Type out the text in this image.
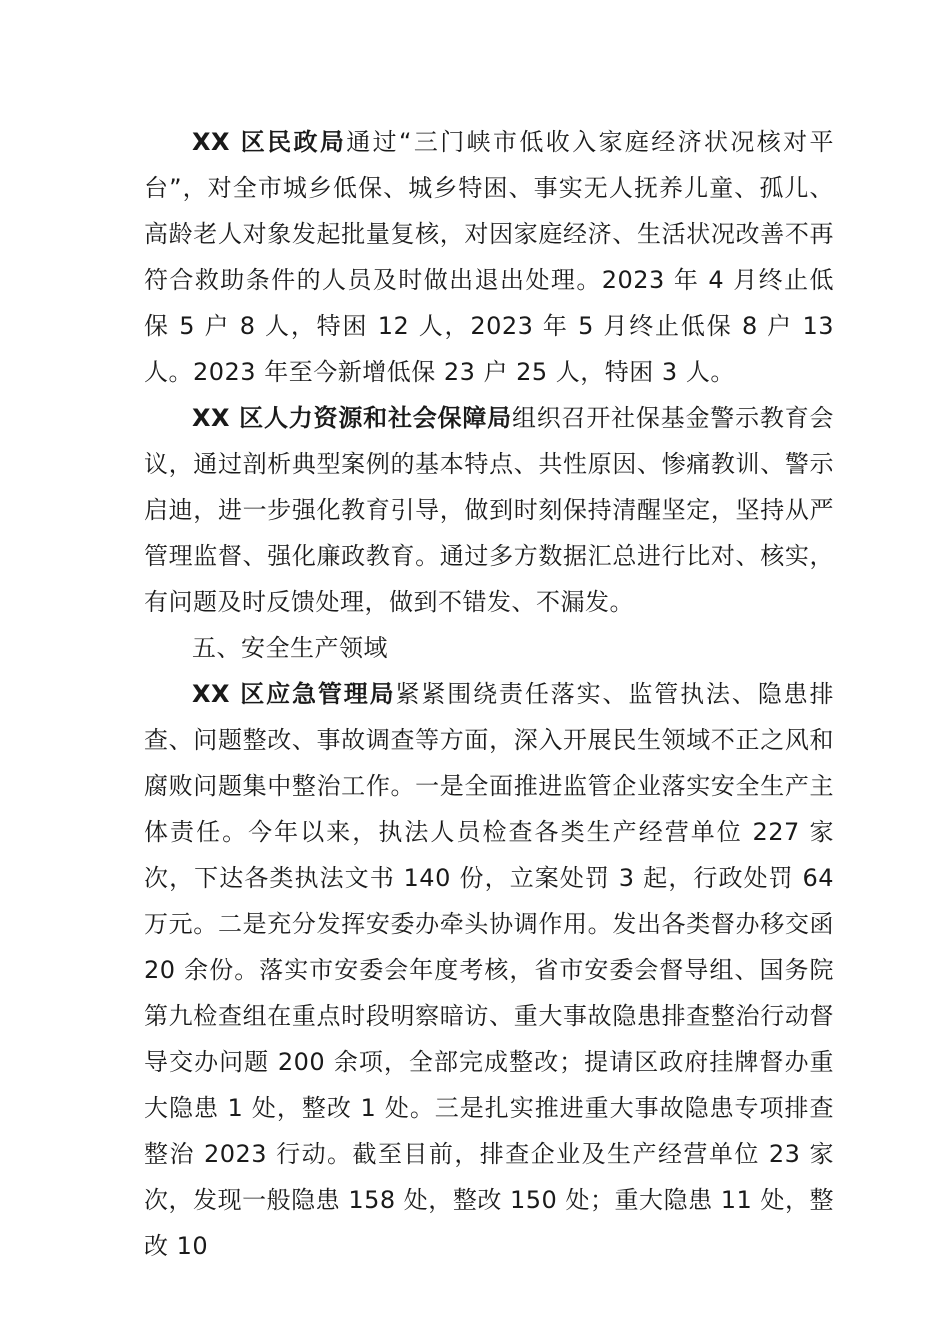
XX 区民政局通过“三门峡市低收入家庭经济状况核对平台”，对全市城乡低保、城乡特困、事实无人抚养儿童、孤儿、高龄老人对象发起批量复核，对因家庭经济、生活状况改善不再符合救助条件的人员及时做出退出处理。2023 年 4 月终止低保 5 户 8 人，特困 12 人，2023 年 5 月终止低保 8 户 13 人。2023 年至今新增低保 23 户 25 人，特困 3 人。

XX 区人力资源和社会保障局组织召开社保基金警示教育会议，通过剖析典型案例的基本特点、共性原因、惨痛教训、警示启迪，进一步强化教育引导，做到时刻保持清醒坚定，坚持从严管理监督、强化廉政教育。通过多方数据汇总进行比对、核实，有问题及时反馈处理，做到不错发、不漏发。

五、安全生产领域

XX 区应急管理局紧紧围绕责任落实、监管执法、隐患排查、问题整改、事故调查等方面，深入开展民生领域不正之风和腐败问题集中整治工作。一是全面推进监管企业落实安全生产主体责任。今年以来，执法人员检查各类生产经营单位 227 家次，下达各类执法文书 140 份，立案处罚 3 起，行政处罚 64 万元。二是充分发挥安委办牵头协调作用。发出各类督办移交函 20 余份。落实市安委会年度考核，省市安委会督导组、国务院第九检查组在重点时段明察暗访、重大事故隐患排查整治行动督导交办问题 200 余项，全部完成整改；提请区政府挂牌督办重大隐患 1 处，整改 1 处。三是扎实推进重大事故隐患专项排查整治 2023 行动。截至目前，排查企业及生产经营单位 23 家次，发现一般隐患 158 处，整改 150 处；重大隐患 11 处，整改 10
